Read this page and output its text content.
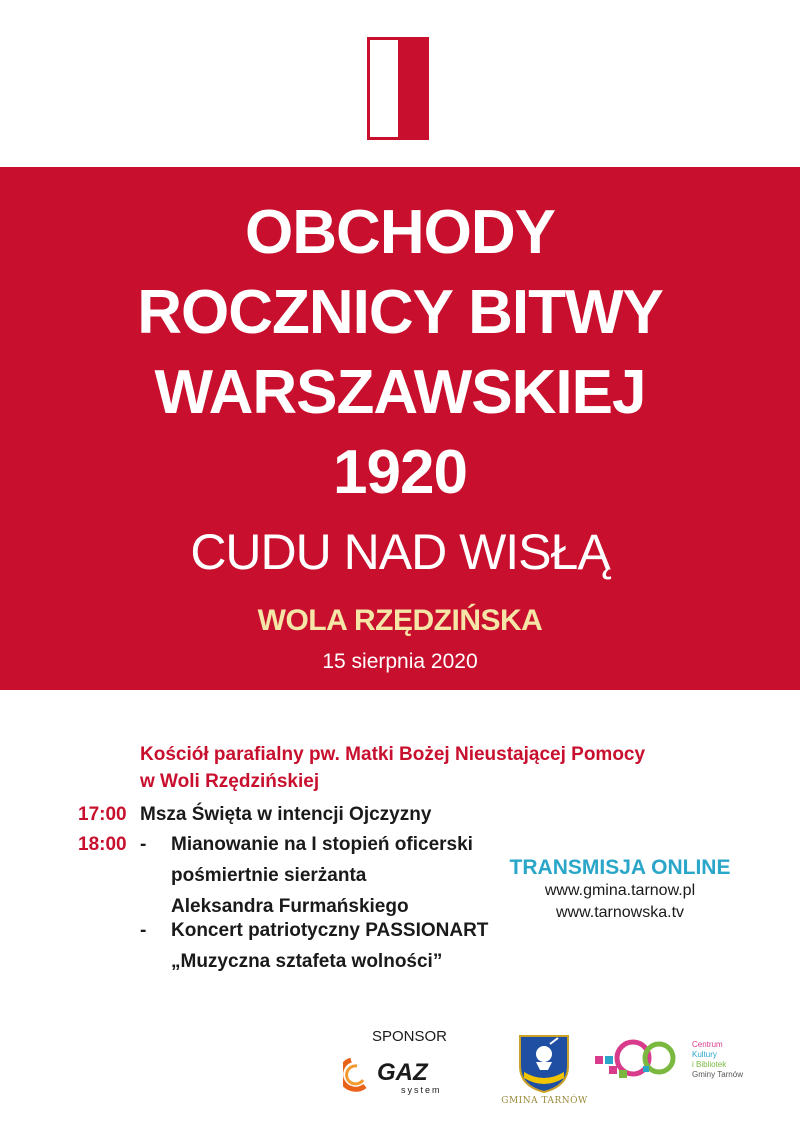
OBCHODY
ROCZNICY BITWY
WARSZAWSKIEJ
1920
CUDU NAD WISŁĄ
WOLA RZĘDZIŃSKA
15 sierpnia 2020
Kościół parafialny pw. Matki Bożej Nieustającej Pomocy
w Woli Rzędzińskiej
17:00 Msza Święta w intencji Ojczyzny
18:00 - Mianowanie na I stopień oficerski
pośmiertnie sierżanta
Aleksandra Furmańskiego
- Koncert patriotyczny PASSIONART
„Muzyczna sztafeta wolności”
TRANSMISJA ONLINE
www.gmina.tarnow.pl
www.tarnowska.tv
SPONSOR
GAZ
system
GMINA TARNÓW
Centrum
Kultury
i Bibliotek
Gminy Tarnów
